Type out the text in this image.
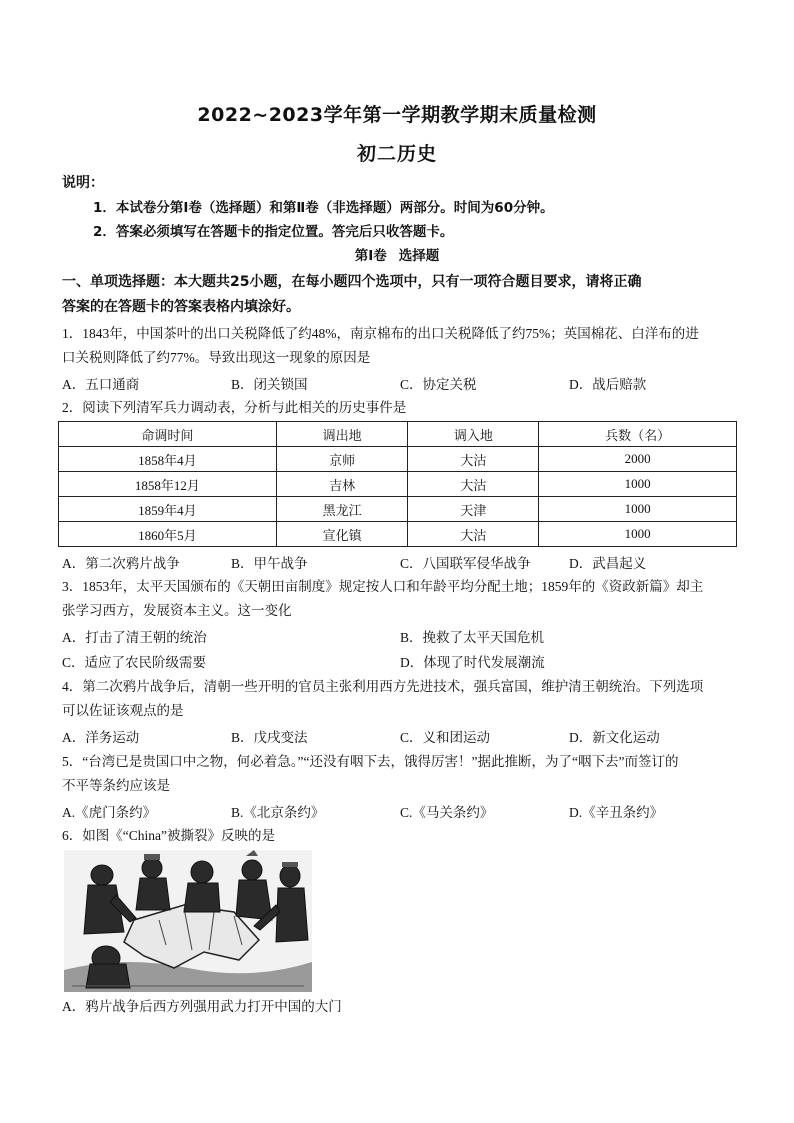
2022~2023学年第一学期教学期末质量检测
初二历史
说明：
1．本试卷分第Ⅰ卷（选择题）和第Ⅱ卷（非选择题）两部分。时间为60分钟。
2．答案必须填写在答题卡的指定位置。答完后只收答题卡。
第Ⅰ卷 选择题
一、单项选择题：本大题共25小题，在每小题四个选项中，只有一项符合题目要求，请将正确
答案的在答题卡的答案表格内填涂好。
1．1843年，中国茶叶的出口关税降低了约48%，南京棉布的出口关税降低了约75%；英国棉花、白洋布的进
口关税则降低了约77%。导致出现这一现象的原因是
A．五口通商	B．闭关锁国	C．协定关税	D．战后赔款
2．阅读下列清军兵力调动表，分析与此相关的历史事件是
命调时间	调出地	调入地	兵数（名）
1858年4月	京师	大沽	2000
1858年12月	吉林	大沽	1000
1859年4月	黑龙江	天津	1000
1860年5月	宣化镇	大沽	1000
A．第二次鸦片战争	B．甲午战争	C．八国联军侵华战争	D．武昌起义
3．1853年，太平天国颁布的《天朝田亩制度》规定按人口和年龄平均分配土地；1859年的《资政新篇》却主
张学习西方，发展资本主义。这一变化
A．打击了清王朝的统治	B．挽救了太平天国危机
C．适应了农民阶级需要	D．体现了时代发展潮流
4．第二次鸦片战争后，清朝一些开明的官员主张利用西方先进技术，强兵富国，维护清王朝统治。下列选项
可以佐证该观点的是
A．洋务运动	B．戊戌变法	C．义和团运动	D．新文化运动
5．“台湾已是贵国口中之物，何必着急。”“还没有咽下去，饿得厉害！”据此推断，为了“咽下去”而签订的
不平等条约应该是
A.《虎门条约》	B.《北京条约》	C.《马关条约》	D.《辛丑条约》
6．如图《“China”被撕裂》反映的是
A．鸦片战争后西方列强用武力打开中国的大门
